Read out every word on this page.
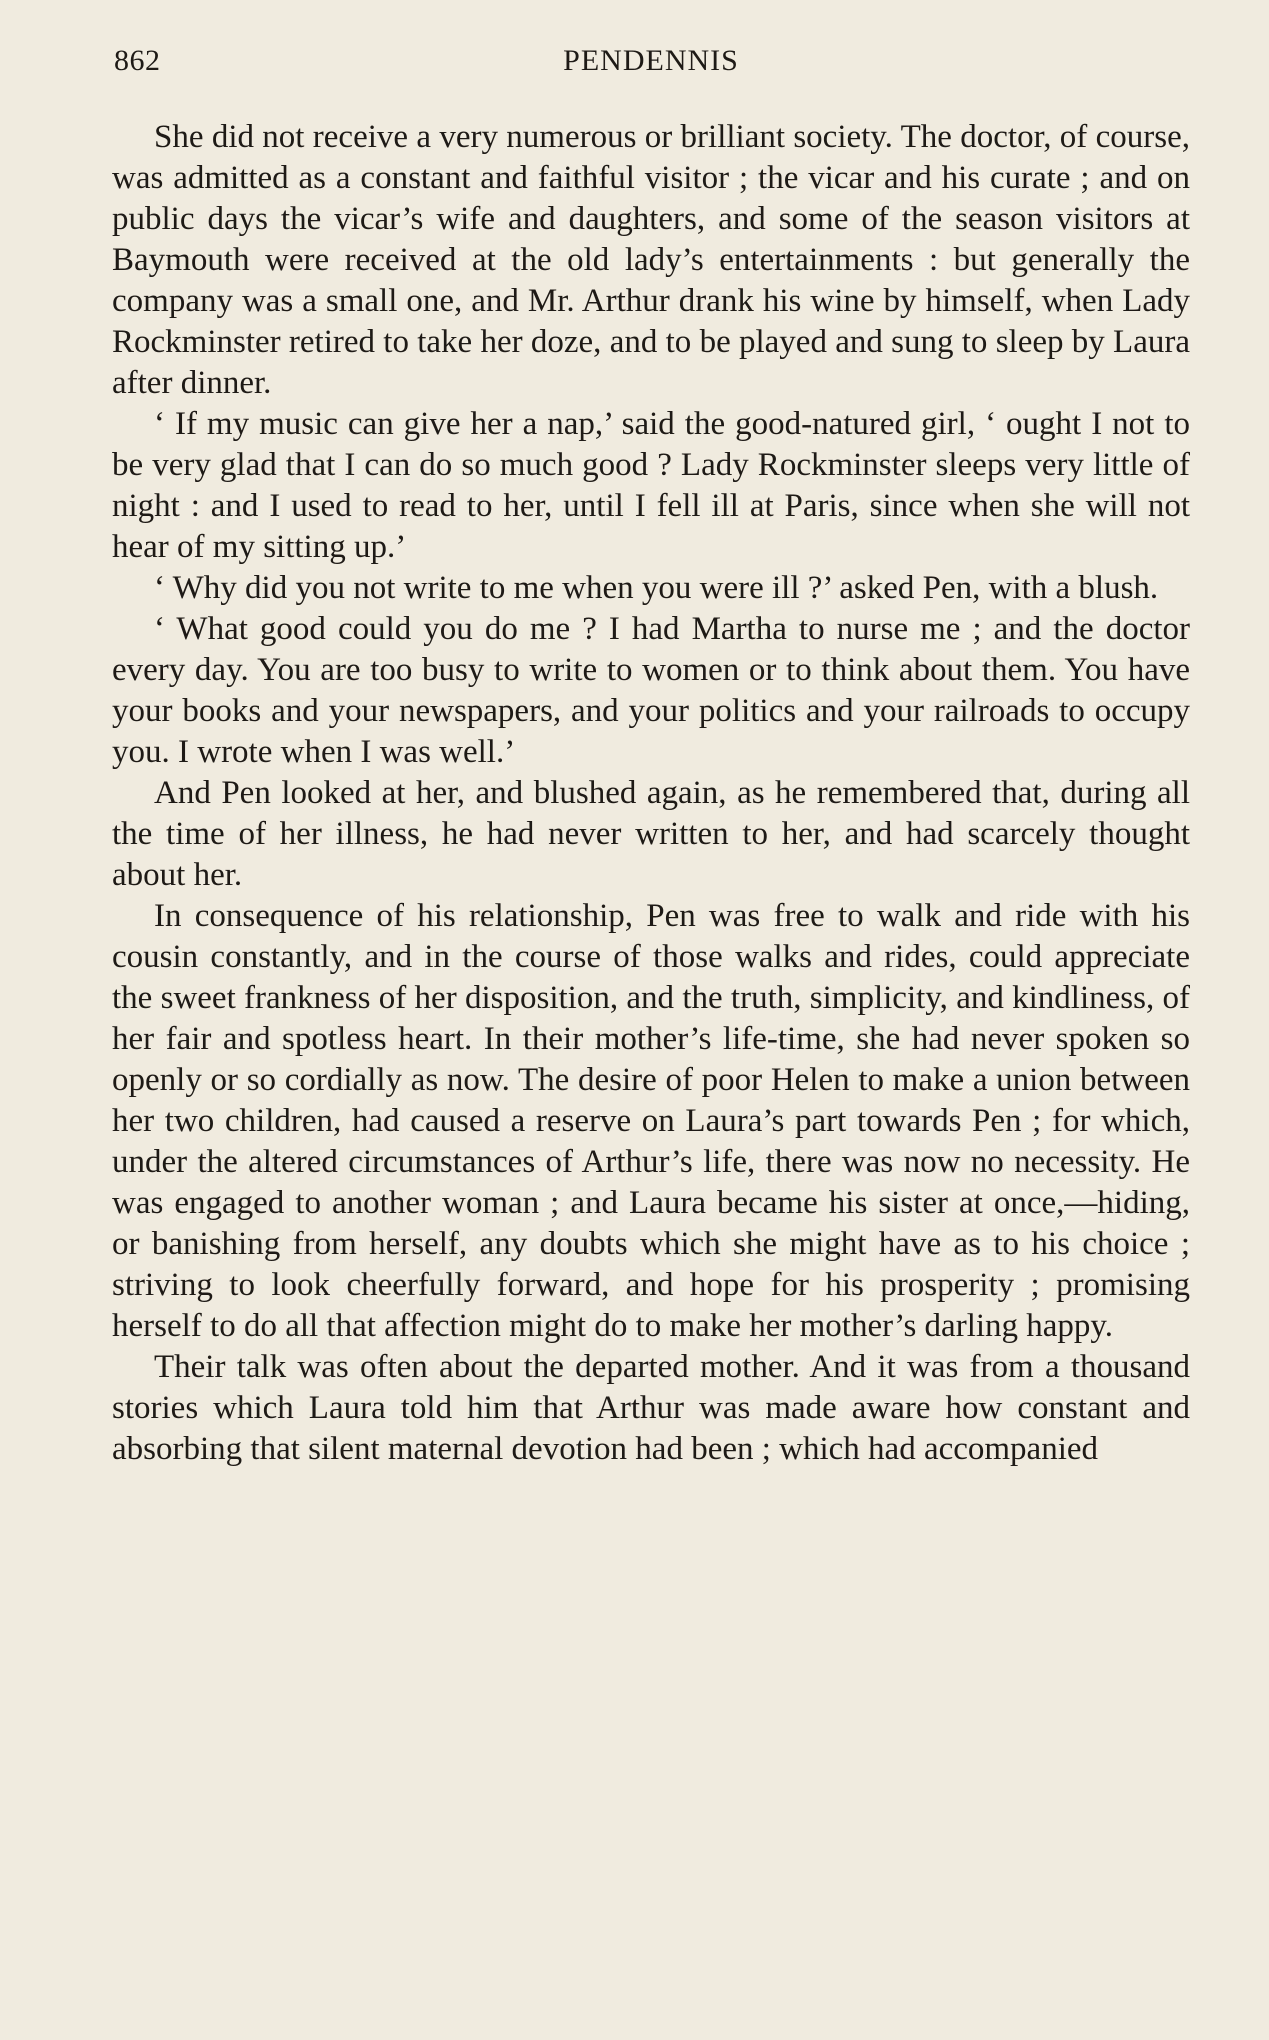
862	PENDENNIS

She did not receive a very numerous or brilliant society. The doctor, of course, was admitted as a constant and faithful visitor ; the vicar and his curate ; and on public days the vicar’s wife and daughters, and some of the season visitors at Baymouth were received at the old lady’s entertainments : but generally the company was a small one, and Mr. Arthur drank his wine by himself, when Lady Rockminster retired to take her doze, and to be played and sung to sleep by Laura after dinner.

‘ If my music can give her a nap,’ said the good-natured girl, ‘ ought I not to be very glad that I can do so much good ? Lady Rockminster sleeps very little of night : and I used to read to her, until I fell ill at Paris, since when she will not hear of my sitting up.’

‘ Why did you not write to me when you were ill ?’ asked Pen, with a blush.

‘ What good could you do me ? I had Martha to nurse me ; and the doctor every day. You are too busy to write to women or to think about them. You have your books and your newspapers, and your politics and your railroads to occupy you. I wrote when I was well.’

And Pen looked at her, and blushed again, as he remembered that, during all the time of her illness, he had never written to her, and had scarcely thought about her.

In consequence of his relationship, Pen was free to walk and ride with his cousin constantly, and in the course of those walks and rides, could appreciate the sweet frankness of her disposition, and the truth, simplicity, and kindliness, of her fair and spotless heart. In their mother’s life-time, she had never spoken so openly or so cordially as now. The desire of poor Helen to make a union between her two children, had caused a reserve on Laura’s part towards Pen ; for which, under the altered circumstances of Arthur’s life, there was now no necessity. He was engaged to another woman ; and Laura became his sister at once,—hiding, or banishing from herself, any doubts which she might have as to his choice ; striving to look cheerfully forward, and hope for his prosperity ; promising herself to do all that affection might do to make her mother’s darling happy.

Their talk was often about the departed mother. And it was from a thousand stories which Laura told him that Arthur was made aware how constant and absorbing that silent maternal devotion had been ; which had accompanied
